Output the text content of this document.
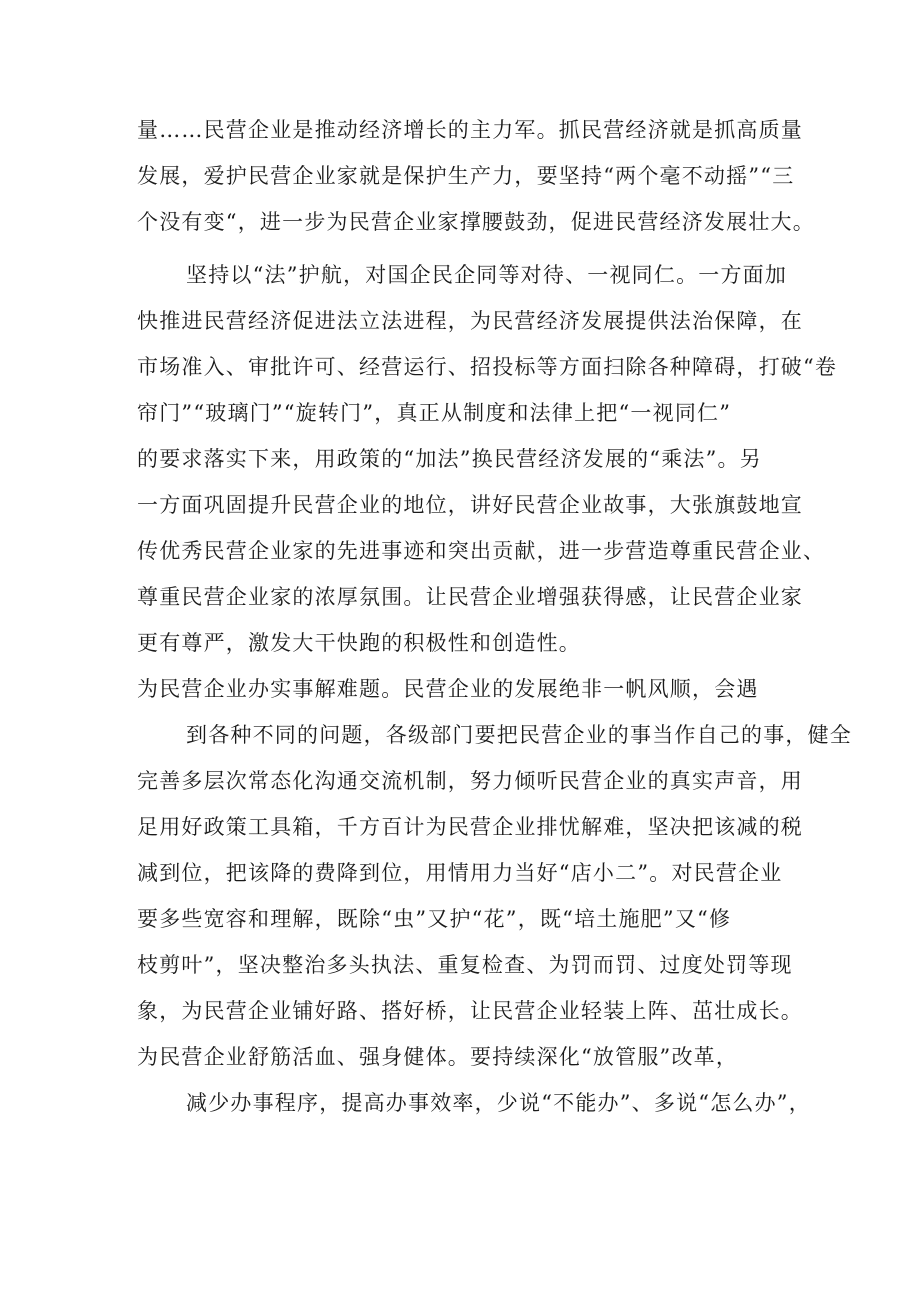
量……民营企业是推动经济增长的主力军。抓民营经济就是抓高质量

发展，爱护民营企业家就是保护生产力，要坚持“两个毫不动摇”“三

个没有变“，进一步为民营企业家撑腰鼓劲，促进民营经济发展壮大。

坚持以“法”护航，对国企民企同等对待、一视同仁。一方面加

快推进民营经济促进法立法进程，为民营经济发展提供法治保障，在

市场准入、审批许可、经营运行、招投标等方面扫除各种障碍，打破“卷

帘门”“玻璃门”“旋转门”，真正从制度和法律上把“一视同仁”

的要求落实下来，用政策的“加法”换民营经济发展的“乘法”。另

一方面巩固提升民营企业的地位，讲好民营企业故事，大张旗鼓地宣

传优秀民营企业家的先进事迹和突出贡献，进一步营造尊重民营企业、

尊重民营企业家的浓厚氛围。让民营企业增强获得感，让民营企业家

更有尊严，激发大干快跑的积极性和创造性。

为民营企业办实事解难题。民营企业的发展绝非一帆风顺，会遇

到各种不同的问题，各级部门要把民营企业的事当作自己的事，健全

完善多层次常态化沟通交流机制，努力倾听民营企业的真实声音，用

足用好政策工具箱，千方百计为民营企业排忧解难，坚决把该减的税

减到位，把该降的费降到位，用情用力当好“店小二”。对民营企业

要多些宽容和理解，既除“虫”又护“花”，既“培土施肥”又“修

枝剪叶”，坚决整治多头执法、重复检查、为罚而罚、过度处罚等现

象，为民营企业铺好路、搭好桥，让民营企业轻装上阵、茁壮成长。

为民营企业舒筋活血、强身健体。要持续深化“放管服”改革，

减少办事程序，提高办事效率，少说“不能办”、多说“怎么办”，
